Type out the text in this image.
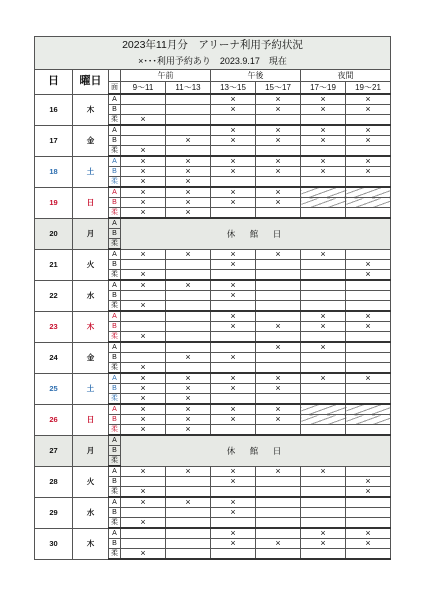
2023年11月分　アリーナ利用予約状況								
×･･･利用予約あり　2023.9.17　現在								
日	曜日		午前		午後		夜間	
		面	9～11	11～13	13～15	15～17	17～19	19～21
16	木	A			×	×	×	×
		B			×	×	×	×
		柔	×					
17	金	A			×	×	×	×
		B		×	×	×	×	×
		柔	×					
18	土	A	×	×	×	×	×	×
		B	×	×	×	×	×	×
		柔	×	×				
19	日	A	×	×	×	×		
		B	×	×	×	×		
		柔	×	×				
20	月	A	休　館　日					
		B						
		柔						
21	火	A	×	×	×	×	×	
		B			×			×
		柔	×					×
22	水	A	×	×	×			
		B			×			
		柔	×					
23	木	A			×		×	×
		B			×	×	×	×
		柔	×					
24	金	A				×	×	
		B		×	×			
		柔	×					
25	土	A	×	×	×	×	×	×
		B	×	×	×	×		
		柔	×	×				
26	日	A	×	×	×	×		
		B	×	×	×	×		
		柔	×	×				
27	月	A	休　館　日					
		B						
		柔						
28	火	A	×	×	×	×	×	
		B			×			×
		柔	×					×
29	水	A	×	×	×			
		B			×			
		柔	×					
30	木	A			×		×	×
		B			×	×	×	×
		柔	×					
